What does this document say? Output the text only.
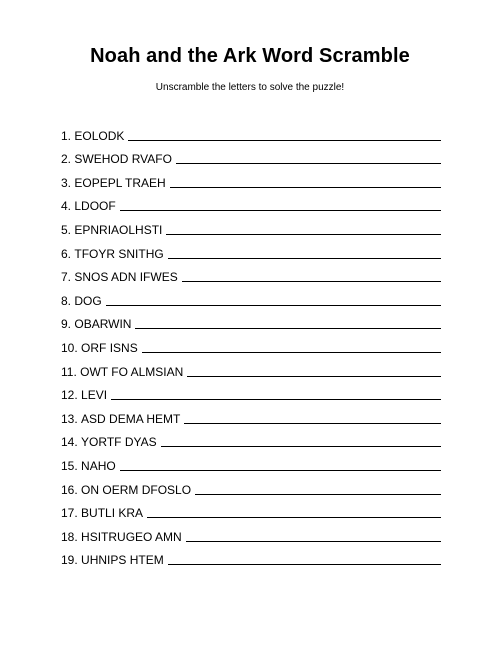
Noah and the Ark Word Scramble
Unscramble the letters to solve the puzzle!
1.
EOLODK
2.
SWEHOD RVAFO
3.
EOPEPL TRAEH
4.
LDOOF
5.
EPNRIAOLHSTI
6.
TFOYR SNITHG
7.
SNOS ADN IFWES
8.
DOG
9.
OBARWIN
10.
ORF ISNS
11.
OWT FO ALMSIAN
12.
LEVI
13.
ASD DEMA HEMT
14.
YORTF DYAS
15.
NAHO
16.
ON OERM DFOSLO
17.
BUTLI KRA
18.
HSITRUGEO AMN
19.
UHNIPS HTEM
